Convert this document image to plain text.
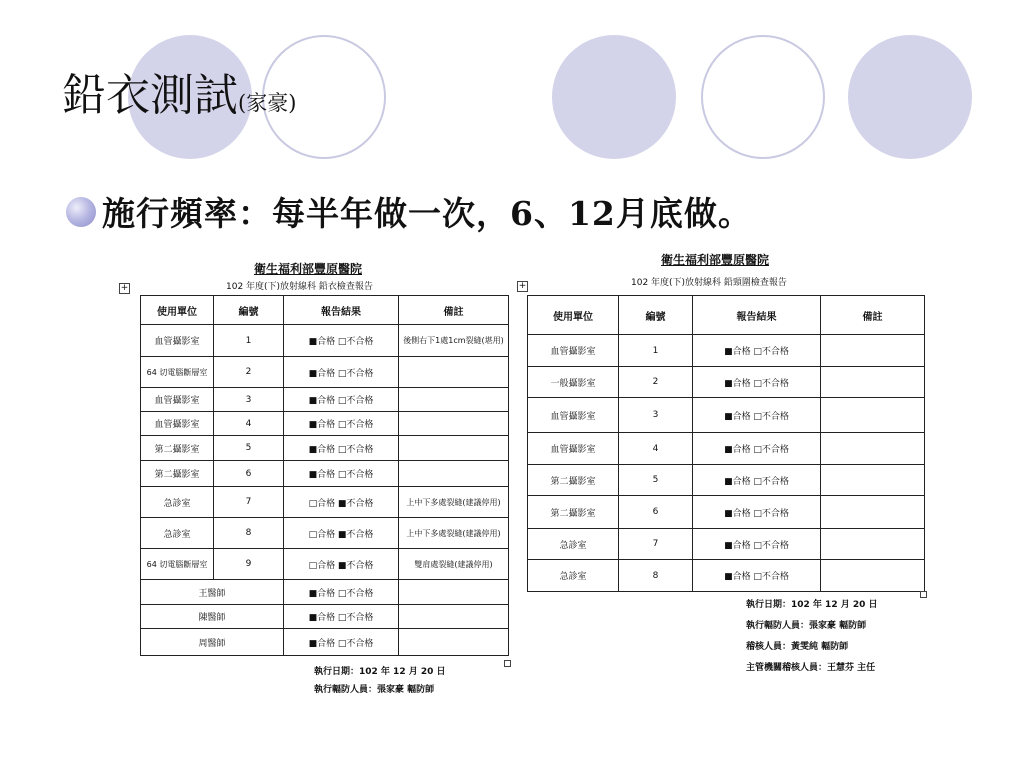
鉛衣測試(家豪)
施行頻率：每半年做一次，6、12月底做。
衛生福利部豐原醫院
102 年度(下)放射線科 鉛衣檢查報告
+
使用單位	編號	報告結果	備註
血管攝影室	1	■合格 □不合格	後側右下1處1cm裂縫(堪用)
64 切電腦斷層室	2	■合格 □不合格	
血管攝影室	3	■合格 □不合格	
血管攝影室	4	■合格 □不合格	
第二攝影室	5	■合格 □不合格	
第二攝影室	6	■合格 □不合格	
急診室	7	□合格 ■不合格	上中下多處裂縫(建議停用)
急診室	8	□合格 ■不合格	上中下多處裂縫(建議停用)
64 切電腦斷層室	9	□合格 ■不合格	雙肩處裂縫(建議停用)
王醫師		■合格 □不合格	
陳醫師		■合格 □不合格	
周醫師		■合格 □不合格	
執行日期：102 年 12 月 20 日
執行輻防人員：張家豪 輻防師
衛生福利部豐原醫院
102 年度(下)放射線科 鉛頸圍檢查報告
+
使用單位	編號	報告結果	備註
血管攝影室	1	■合格 □不合格	
一般攝影室	2	■合格 □不合格	
血管攝影室	3	■合格 □不合格	
血管攝影室	4	■合格 □不合格	
第二攝影室	5	■合格 □不合格	
第二攝影室	6	■合格 □不合格	
急診室	7	■合格 □不合格	
急診室	8	■合格 □不合格	
執行日期：102 年 12 月 20 日
執行輻防人員：張家豪 輻防師
稽核人員：黃雯純 輻防師
主管機關稽核人員：王慧芬 主任
